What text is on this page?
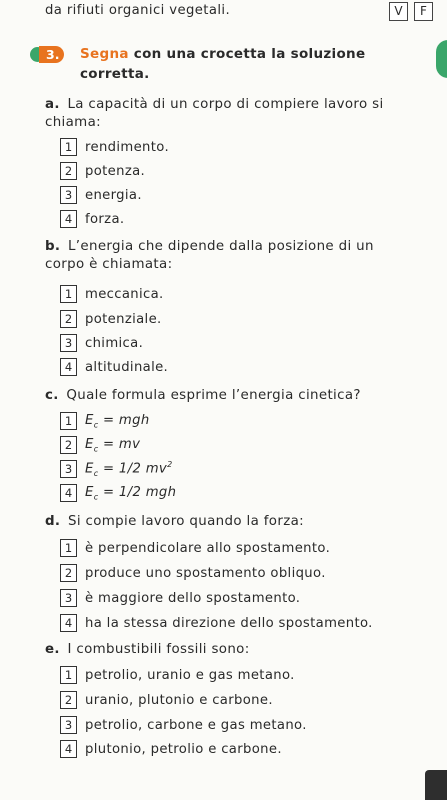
da rifiuti organici vegetali.	V	F
3.	Segna con una crocetta la soluzione
corretta.
a. La capacità di un corpo di compiere lavoro si
chiama:
1 rendimento.
2 potenza.
3 energia.
4 forza.
b. L’energia che dipende dalla posizione di un
corpo è chiamata:
1 meccanica.
2 potenziale.
3 chimica.
4 altitudinale.
c. Quale formula esprime l’energia cinetica?
1 $E_c$ = mgh
2 $E_c$ = mv
3 $E_c = 1/2$ $mv^2$
4 $E_c = 1/2$ mgh
d. Si compie lavoro quando la forza:
1 è perpendicolare allo spostamento.
2 produce uno spostamento obliquo.
3 è maggiore dello spostamento.
4 ha la stessa direzione dello spostamento.
e. I combustibili fossili sono:
1 petrolio, uranio e gas metano.
2 uranio, plutonio e carbone.
3 petrolio, carbone e gas metano.
4 plutonio, petrolio e carbone.
